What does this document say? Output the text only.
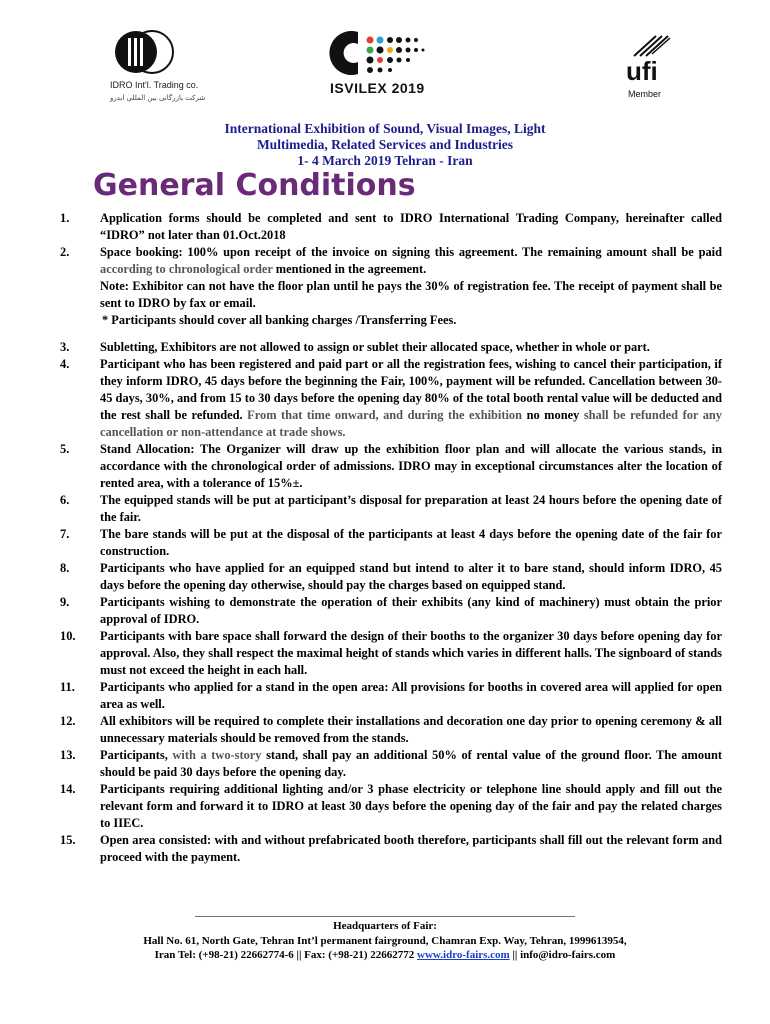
IDRO Int'l. Trading co.
شرکت بازرگانی بین المللی ایدرو
ISVILEX 2019
ufi
Member
International Exhibition of Sound, Visual Images, Light
Multimedia, Related Services and Industries
1- 4 March 2019 Tehran - Iran
General Conditions
1.	Application forms should be completed and sent to IDRO International Trading Company, hereinafter called “IDRO” not later than 01.Oct.2018
2.	Space booking: 100% upon receipt of the invoice on signing this agreement. The remaining amount shall be paid according to chronological order mentioned in the agreement.
Note: Exhibitor can not have the floor plan until he pays the 30% of registration fee. The receipt of payment shall be sent to IDRO by fax or email.
* Participants should cover all banking charges /Transferring Fees.
3.	Subletting, Exhibitors are not allowed to assign or sublet their allocated space, whether in whole or part.
4.	Participant who has been registered and paid part or all the registration fees, wishing to cancel their participation, if they inform IDRO, 45 days before the beginning the Fair, 100%, payment will be refunded. Cancellation between 30-45 days, 30%, and from 15 to 30 days before the opening day 80% of the total booth rental value will be deducted and the rest shall be refunded. From that time onward, and during the exhibition no money shall be refunded for any cancellation or non-attendance at trade shows.
5.	Stand Allocation: The Organizer will draw up the exhibition floor plan and will allocate the various stands, in accordance with the chronological order of admissions. IDRO may in exceptional circumstances alter the location of rented area, with a tolerance of 15%±.
6.	The equipped stands will be put at participant’s disposal for preparation at least 24 hours before the opening date of the fair.
7.	The bare stands will be put at the disposal of the participants at least 4 days before the opening date of the fair for construction.
8.	Participants who have applied for an equipped stand but intend to alter it to bare stand, should inform IDRO, 45 days before the opening day otherwise, should pay the charges based on equipped stand.
9.	Participants wishing to demonstrate the operation of their exhibits (any kind of machinery) must obtain the prior approval of IDRO.
10.	Participants with bare space shall forward the design of their booths to the organizer 30 days before opening day for approval. Also, they shall respect the maximal height of stands which varies in different halls. The signboard of stands must not exceed the height in each hall.
11.	Participants who applied for a stand in the open area: All provisions for booths in covered area will applied for open area as well.
12.	All exhibitors will be required to complete their installations and decoration one day prior to opening ceremony & all unnecessary materials should be removed from the stands.
13.	Participants, with a two-story stand, shall pay an additional 50% of rental value of the ground floor. The amount should be paid 30 days before the opening day.
14.	Participants requiring additional lighting and/or 3 phase electricity or telephone line should apply and fill out the relevant form and forward it to IDRO at least 30 days before the opening day of the fair and pay the related charges to IIEC.
15.	Open area consisted: with and without prefabricated booth therefore, participants shall fill out the relevant form and proceed with the payment.
Headquarters of Fair:
Hall No. 61, North Gate, Tehran Int’l permanent fairground, Chamran Exp. Way, Tehran, 1999613954,
Iran Tel: (+98-21) 22662774-6 || Fax: (+98-21) 22662772 www.idro-fairs.com || info@idro-fairs.com
